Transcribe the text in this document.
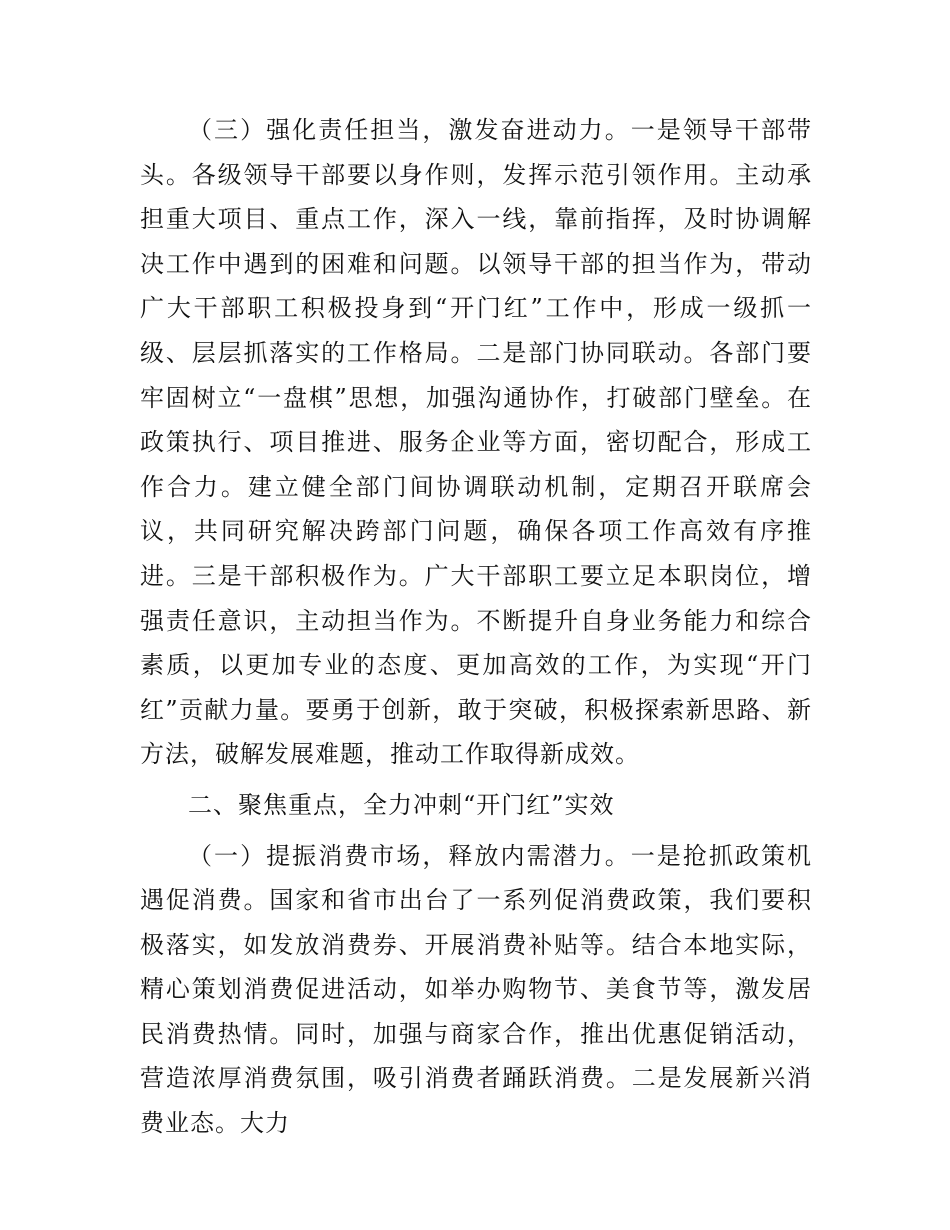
（三）强化责任担当，激发奋进动力。一是领导干部带头。各级领导干部要以身作则，发挥示范引领作用。主动承担重大项目、重点工作，深入一线，靠前指挥，及时协调解决工作中遇到的困难和问题。以领导干部的担当作为，带动广大干部职工积极投身到“开门红”工作中，形成一级抓一级、层层抓落实的工作格局。二是部门协同联动。各部门要牢固树立“一盘棋”思想，加强沟通协作，打破部门壁垒。在政策执行、项目推进、服务企业等方面，密切配合，形成工作合力。建立健全部门间协调联动机制，定期召开联席会议，共同研究解决跨部门问题，确保各项工作高效有序推进。三是干部积极作为。广大干部职工要立足本职岗位，增强责任意识，主动担当作为。不断提升自身业务能力和综合素质，以更加专业的态度、更加高效的工作，为实现“开门红”贡献力量。要勇于创新，敢于突破，积极探索新思路、新方法，破解发展难题，推动工作取得新成效。

二、聚焦重点，全力冲刺“开门红”实效

（一）提振消费市场，释放内需潜力。一是抢抓政策机遇促消费。国家和省市出台了一系列促消费政策，我们要积极落实，如发放消费券、开展消费补贴等。结合本地实际，精心策划消费促进活动，如举办购物节、美食节等，激发居民消费热情。同时，加强与商家合作，推出优惠促销活动，营造浓厚消费氛围，吸引消费者踊跃消费。二是发展新兴消费业态。大力
